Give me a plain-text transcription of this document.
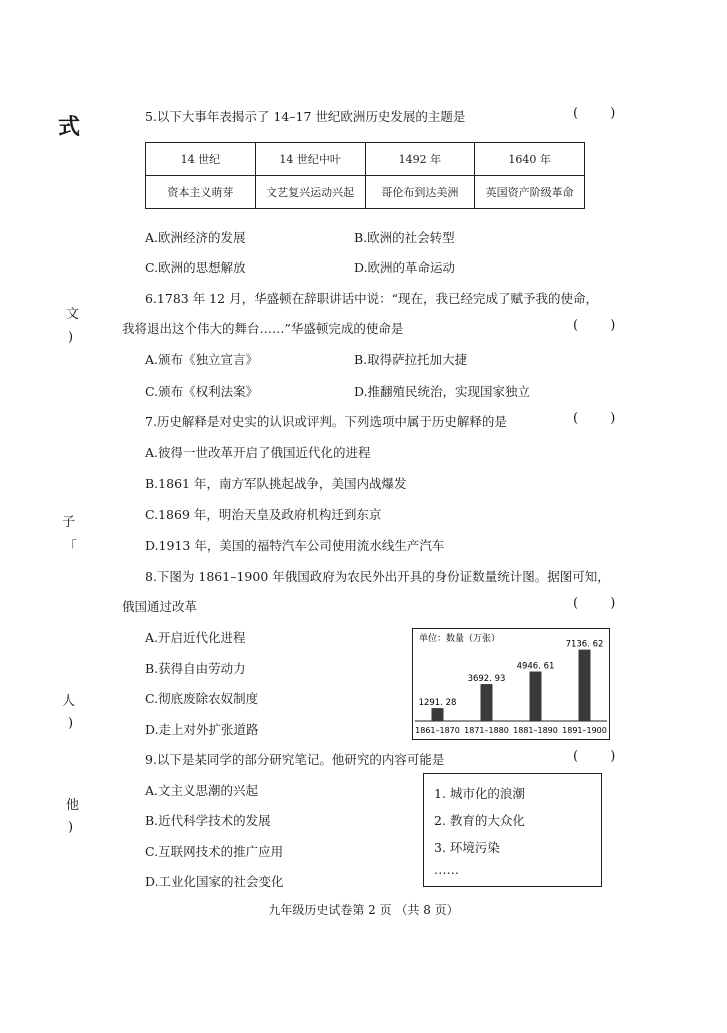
式
文
)
子
「
人
)
他
)
5.以下大事年表揭示了 14–17 世纪欧洲历史发展的主题是	( )
14 世纪	14 世纪中叶	1492 年	1640 年
资本主义萌芽	文艺复兴运动兴起	哥伦布到达美洲	英国资产阶级革命
A.欧洲经济的发展	B.欧洲的社会转型
C.欧洲的思想解放	D.欧洲的革命运动
6.1783 年 12 月，华盛顿在辞职讲话中说：“现在，我已经完成了赋予我的使命，
我将退出这个伟大的舞台……”华盛顿完成的使命是	( )
A.颁布《独立宣言》	B.取得萨拉托加大捷
C.颁布《权利法案》	D.推翻殖民统治，实现国家独立
7.历史解释是对史实的认识或评判。下列选项中属于历史解释的是	( )
A.彼得一世改革开启了俄国近代化的进程
B.1861 年，南方军队挑起战争，美国内战爆发
C.1869 年，明治天皇及政府机构迁到东京
D.1913 年，美国的福特汽车公司使用流水线生产汽车
8.下图为 1861–1900 年俄国政府为农民外出开具的身份证数量统计图。据图可知，
俄国通过改革	( )
A.开启近代化进程
B.获得自由劳动力
C.彻底废除农奴制度
D.走上对外扩张道路
单位：数量（万张）
1291. 28
1861–1870
3692. 93
1871–1880
4946. 61
1881–1890
7136. 62
1891–1900
9.以下是某同学的部分研究笔记。他研究的内容可能是	( )
A.文主义思潮的兴起
B.近代科学技术的发展
C.互联网技术的推广应用
D.工业化国家的社会变化
1. 城市化的浪潮
2. 教育的大众化
3. 环境污染
……
九年级历史试卷第 2 页 （共 8 页）
